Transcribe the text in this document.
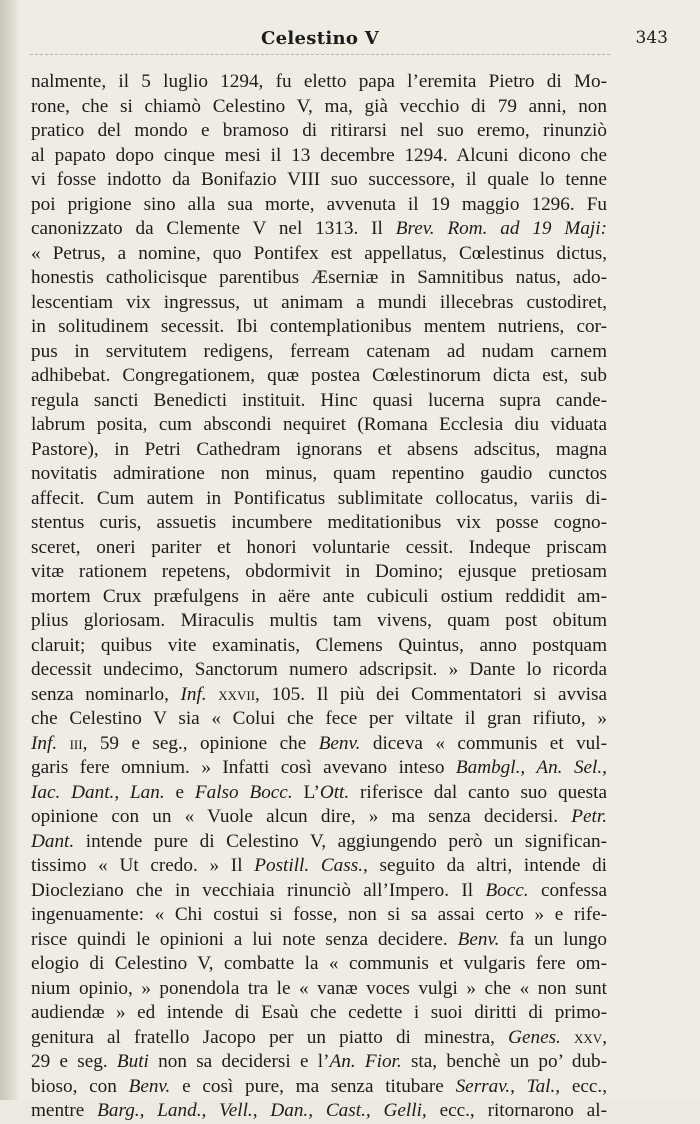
Celestino V	343
nalmente, il 5 luglio 1294, fu eletto papa l’eremita Pietro di Mo-
rone, che si chiamò Celestino V, ma, già vecchio di 79 anni, non
pratico del mondo e bramoso di ritirarsi nel suo eremo, rinunziò
al papato dopo cinque mesi il 13 decembre 1294. Alcuni dicono che
vi fosse indotto da Bonifazio VIII suo successore, il quale lo tenne
poi prigione sino alla sua morte, avvenuta il 19 maggio 1296. Fu
canonizzato da Clemente V nel 1313. Il Brev. Rom. ad 19 Maji:
« Petrus, a nomine, quo Pontifex est appellatus, Cœlestinus dictus,
honestis catholicisque parentibus Æserniæ in Samnitibus natus, ado-
lescentiam vix ingressus, ut animam a mundi illecebras custodiret,
in solitudinem secessit. Ibi contemplationibus mentem nutriens, cor-
pus in servitutem redigens, ferream catenam ad nudam carnem
adhibebat. Congregationem, quæ postea Cœlestinorum dicta est, sub
regula sancti Benedicti instituit. Hinc quasi lucerna supra cande-
labrum posita, cum abscondi nequiret (Romana Ecclesia diu viduata
Pastore), in Petri Cathedram ignorans et absens adscitus, magna
novitatis admiratione non minus, quam repentino gaudio cunctos
affecit. Cum autem in Pontificatus sublimitate collocatus, variis di-
stentus curis, assuetis incumbere meditationibus vix posse cogno-
sceret, oneri pariter et honori voluntarie cessit. Indeque priscam
vitæ rationem repetens, obdormivit in Domino; ejusque pretiosam
mortem Crux præfulgens in aëre ante cubiculi ostium reddidit am-
plius gloriosam. Miraculis multis tam vivens, quam post obitum
claruit; quibus vite examinatis, Clemens Quintus, anno postquam
decessit undecimo, Sanctorum numero adscripsit. » Dante lo ricorda
senza nominarlo, Inf. xxvii, 105. Il più dei Commentatori si avvisa
che Celestino V sia « Colui che fece per viltate il gran rifiuto, »
Inf. iii, 59 e seg., opinione che Benv. diceva « communis et vul-
garis fere omnium. » Infatti così avevano inteso Bambgl., An. Sel.,
Iac. Dant., Lan. e Falso Bocc. L’Ott. riferisce dal canto suo questa
opinione con un « Vuole alcun dire, » ma senza decidersi. Petr.
Dant. intende pure di Celestino V, aggiungendo però un significan-
tissimo « Ut credo. » Il Postill. Cass., seguito da altri, intende di
Diocleziano che in vecchiaia rinunciò all’Impero. Il Bocc. confessa
ingenuamente: « Chi costui si fosse, non si sa assai certo » e rife-
risce quindi le opinioni a lui note senza decidere. Benv. fa un lungo
elogio di Celestino V, combatte la « communis et vulgaris fere om-
nium opinio, » ponendola tra le « vanæ voces vulgi » che « non sunt
audiendæ » ed intende di Esaù che cedette i suoi diritti di primo-
genitura al fratello Jacopo per un piatto di minestra, Genes. xxv,
29 e seg. Buti non sa decidersi e l’An. Fior. sta, benchè un po’ dub-
bioso, con Benv. e così pure, ma senza titubare Serrav., Tal., ecc.,
mentre Barg., Land., Vell., Dan., Cast., Gelli, ecc., ritornarono al-
